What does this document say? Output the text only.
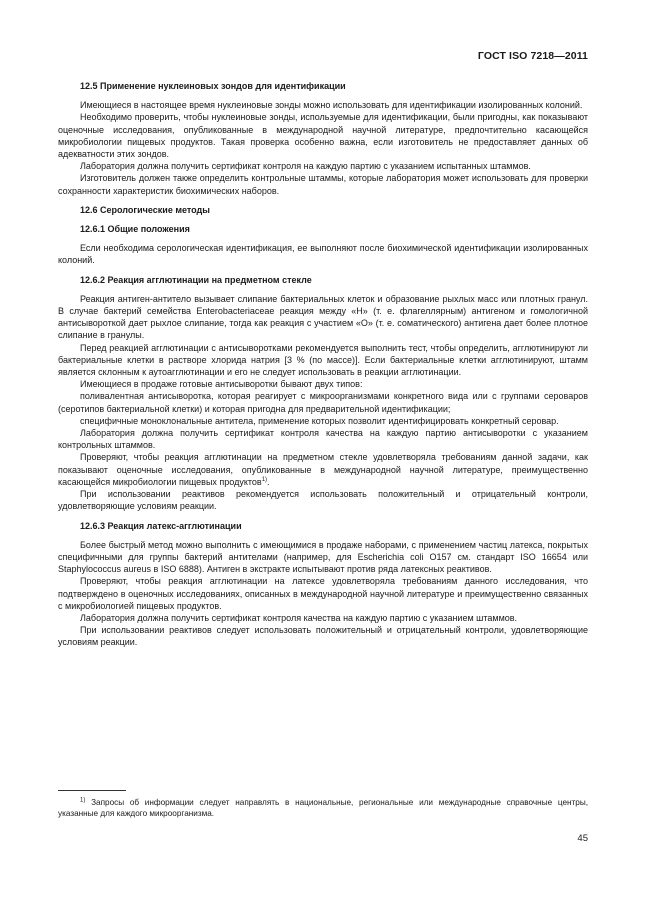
ГОСТ ISO 7218—2011

12.5 Применение нуклеиновых зондов для идентификации

Имеющиеся в настоящее время нуклеиновые зонды можно использовать для идентификации изолированных колоний.

Необходимо проверить, чтобы нуклеиновые зонды, используемые для идентификации, были пригодны, как показывают оценочные исследования, опубликованные в международной научной литературе, предпочтительно касающейся микробиологии пищевых продуктов. Такая проверка особенно важна, если изготовитель не предоставляет данных об адекватности этих зондов.

Лаборатория должна получить сертификат контроля на каждую партию с указанием испытанных штаммов.

Изготовитель должен также определить контрольные штаммы, которые лаборатория может использовать для проверки сохранности характеристик биохимических наборов.

12.6 Серологические методы

12.6.1 Общие положения

Если необходима серологическая идентификация, ее выполняют после биохимической идентификации изолированных колоний.

12.6.2 Реакция агглютинации на предметном стекле

Реакция антиген-антитело вызывает слипание бактериальных клеток и образование рыхлых масс или плотных гранул. В случае бактерий семейства Enterobacteriaceae реакция между «Н» (т. е. флагеллярным) антигеном и гомологичной антисывороткой дает рыхлое слипание, тогда как реакция с участием «О» (т. е. соматического) антигена дает более плотное слипание в гранулы.

Перед реакцией агглютинации с антисыворотками рекомендуется выполнить тест, чтобы определить, агглютинируют ли бактериальные клетки в растворе хлорида натрия [3 % (по массе)]. Если бактериальные клетки агглютинируют, штамм является склонным к аутоагглютинации и его не следует использовать в реакции агглютинации.

Имеющиеся в продаже готовые антисыворотки бывают двух типов:

поливалентная антисыворотка, которая реагирует с микроорганизмами конкретного вида или с группами сероваров (серотипов бактериальной клетки) и которая пригодна для предварительной идентификации;

специфичные моноклональные антитела, применение которых позволит идентифицировать конкретный серовар.

Лаборатория должна получить сертификат контроля качества на каждую партию антисыворотки с указанием контрольных штаммов.

Проверяют, чтобы реакция агглютинации на предметном стекле удовлетворяла требованиям данной задачи, как показывают оценочные исследования, опубликованные в международной научной литературе, преимущественно касающейся микробиологии пищевых продуктов$^{1)}$.

При использовании реактивов рекомендуется использовать положительный и отрицательный контроли, удовлетворяющие условиям реакции.

12.6.3 Реакция латекс-агглютинации

Более быстрый метод можно выполнить с имеющимися в продаже наборами, с применением частиц латекса, покрытых специфичными для группы бактерий антителами (например, для Escherichia coli O157 см. стандарт ISO 16654 или Staphylococcus aureus в ISO 6888). Антиген в экстракте испытывают против ряда латексных реактивов.

Проверяют, чтобы реакция агглютинации на латексе удовлетворяла требованиям данного исследования, что подтверждено в оценочных исследованиях, описанных в международной научной литературе и преимущественно связанных с микробиологией пищевых продуктов.

Лаборатория должна получить сертификат контроля качества на каждую партию с указанием штаммов.

При использовании реактивов следует использовать положительный и отрицательный контроли, удовлетворяющие условиям реакции.

$^{1)}$ Запросы об информации следует направлять в национальные, региональные или международные справочные центры, указанные для каждого микроорганизма.
45
